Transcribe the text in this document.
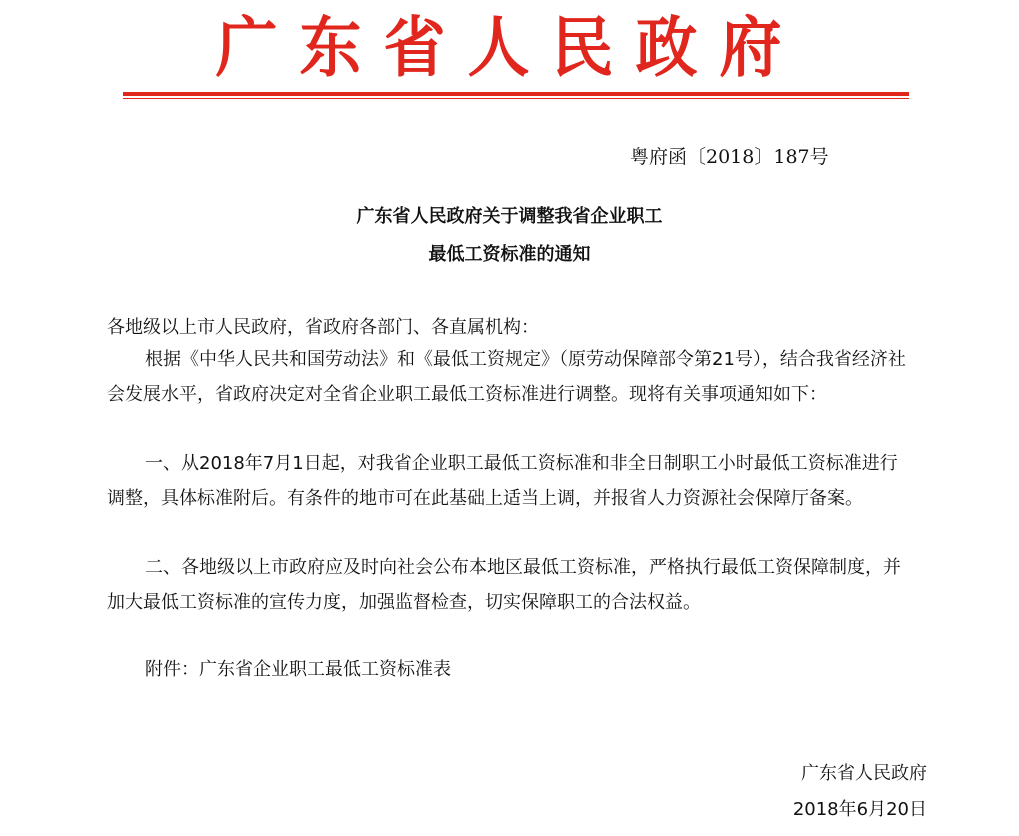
广东省人民政府
粤府函〔2018〕187号
广东省人民政府关于调整我省企业职工
最低工资标准的通知
各地级以上市人民政府，省政府各部门、各直属机构：
根据《中华人民共和国劳动法》和《最低工资规定》（原劳动保障部令第21号），结合我省经济社会发展水平，省政府决定对全省企业职工最低工资标准进行调整。现将有关事项通知如下：
一、从2018年7月1日起，对我省企业职工最低工资标准和非全日制职工小时最低工资标准进行调整，具体标准附后。有条件的地市可在此基础上适当上调，并报省人力资源社会保障厅备案。
二、各地级以上市政府应及时向社会公布本地区最低工资标准，严格执行最低工资保障制度，并加大最低工资标准的宣传力度，加强监督检查，切实保障职工的合法权益。
附件：广东省企业职工最低工资标准表
广东省人民政府
2018年6月20日
